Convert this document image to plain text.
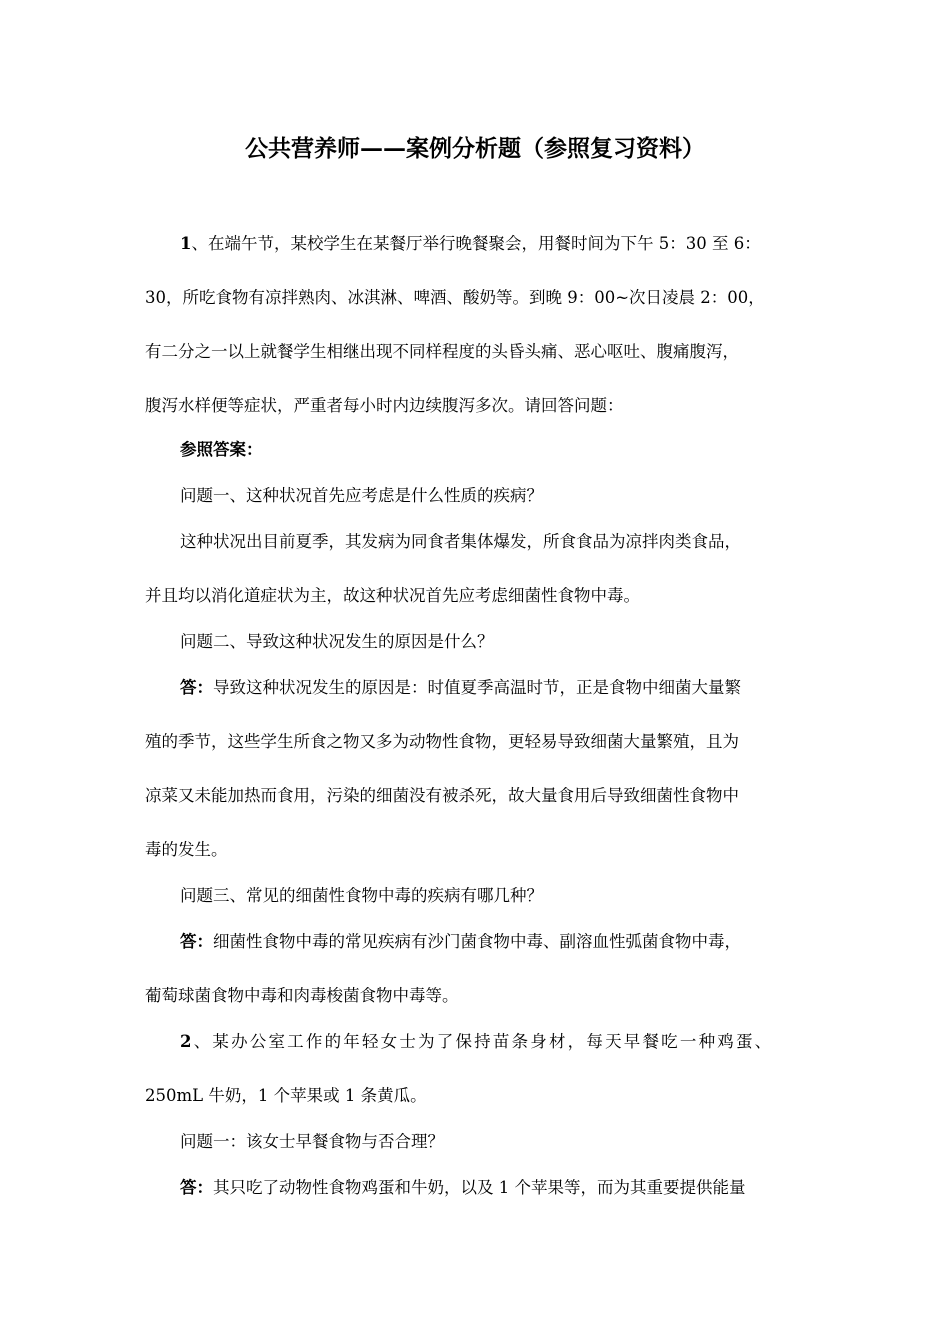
公共营养师——案例分析题（参照复习资料）
1、在端午节，某校学生在某餐厅举行晚餐聚会，用餐时间为下午 5：30 至 6：
30，所吃食物有凉拌熟肉、冰淇淋、啤酒、酸奶等。到晚 9：00~次日凌晨 2：00，
有二分之一以上就餐学生相继出现不同样程度的头昏头痛、恶心呕吐、腹痛腹泻，
腹泻水样便等症状，严重者每小时内边续腹泻多次。请回答问题：
参照答案：
问题一、这种状况首先应考虑是什么性质的疾病？
这种状况出目前夏季，其发病为同食者集体爆发，所食食品为凉拌肉类食品，
并且均以消化道症状为主，故这种状况首先应考虑细菌性食物中毒。
问题二、导致这种状况发生的原因是什么？
答：导致这种状况发生的原因是：时值夏季高温时节，正是食物中细菌大量繁
殖的季节，这些学生所食之物又多为动物性食物，更轻易导致细菌大量繁殖，且为
凉菜又未能加热而食用，污染的细菌没有被杀死，故大量食用后导致细菌性食物中
毒的发生。
问题三、常见的细菌性食物中毒的疾病有哪几种？
答：细菌性食物中毒的常见疾病有沙门菌食物中毒、副溶血性弧菌食物中毒，
葡萄球菌食物中毒和肉毒梭菌食物中毒等。
2、某办公室工作的年轻女士为了保持苗条身材，每天早餐吃一种鸡蛋、
250mL 牛奶，1 个苹果或 1 条黄瓜。
问题一：该女士早餐食物与否合理？
答：其只吃了动物性食物鸡蛋和牛奶，以及 1 个苹果等，而为其重要提供能量
